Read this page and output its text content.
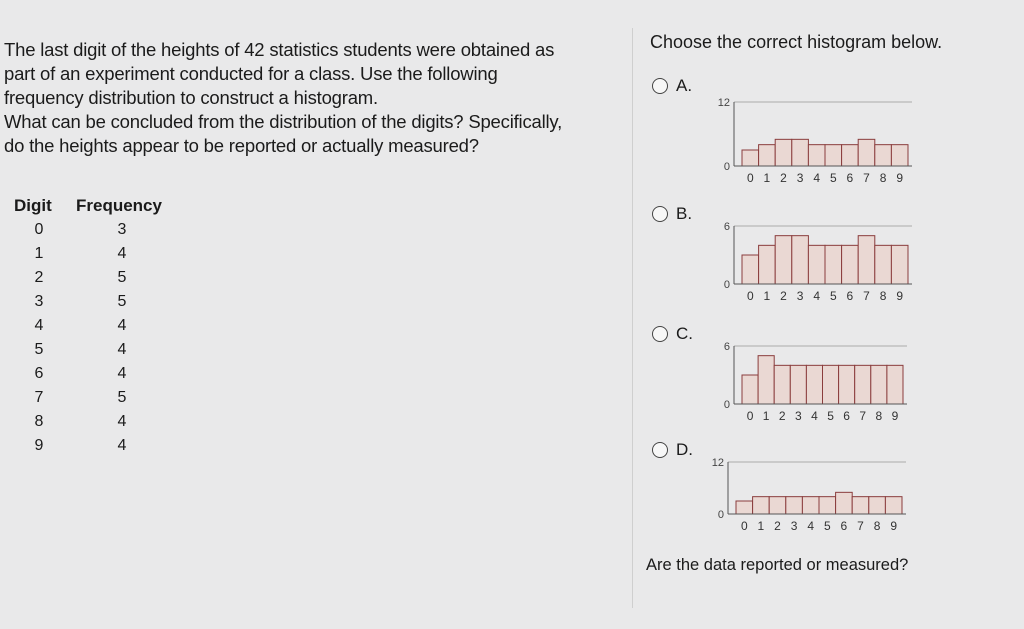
The last digit of the heights of 42 statistics students were obtained as
part of an experiment conducted for a class. Use the following
frequency distribution to construct a histogram.
What can be concluded from the distribution of the digits? Specifically,
do the heights appear to be reported or actually measured?

Digit	Frequency
0	3
1	4
2	5
3	5
4	4
5	4
6	4
7	5
8	4
9	4

Choose the correct histogram below.

A.
12
0
0 1 2 3 4 5 6 7 8 9
B.
6
0
0 1 2 3 4 5 6 7 8 9
C.
6
0
0 1 2 3 4 5 6 7 8 9
D.
12
0
0 1 2 3 4 5 6 7 8 9
Are the data reported or measured?
